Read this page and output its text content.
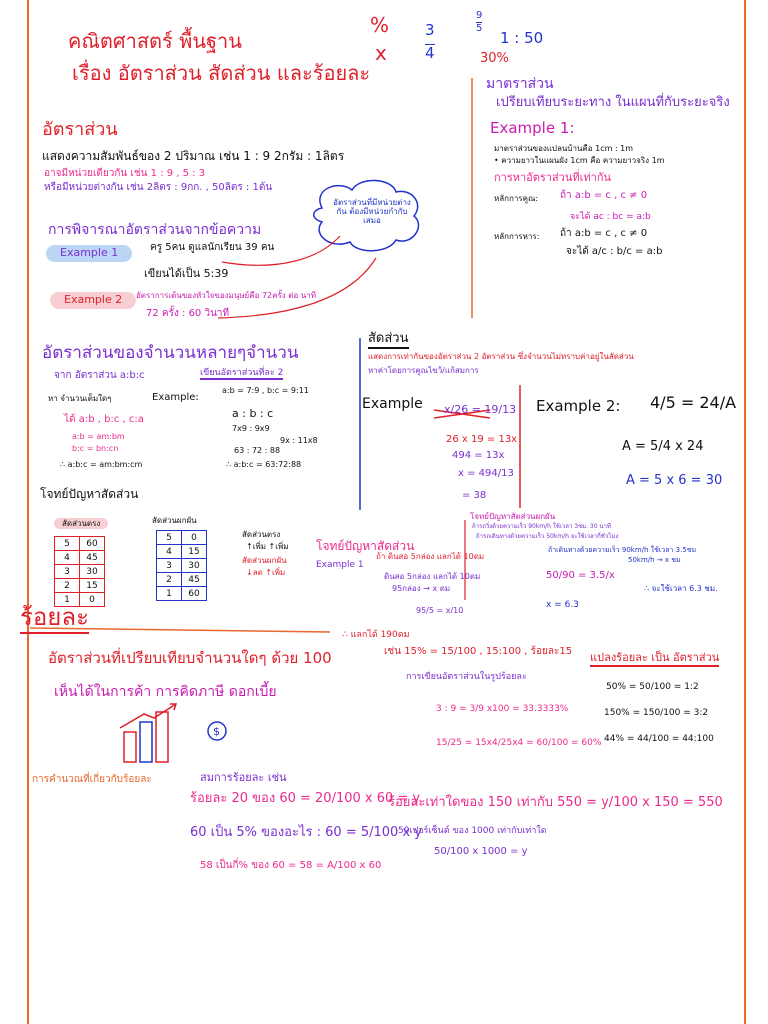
คณิตศาสตร์ พื้นฐาน
เรื่อง อัตราส่วน สัดส่วน และร้อยละ
%
x
3
4
9
5
1 : 50
30%
อัตราส่วน
แสดงความสัมพันธ์ของ 2 ปริมาณ เช่น 1 : 9 2กรัม : 1ลิตร
อาจมีหน่วยเดียวกัน เช่น 1 : 9 , 5 : 3
หรือมีหน่วยต่างกัน เช่น 2ลิตร : 9กก. , 50ลิตร : 1ต้น
อัตราส่วนที่มีหน่วยต่างกัน ต้องมีหน่วยกำกับเสมอ
การพิจารณาอัตราส่วนจากข้อความ
Example 1	ครู 5คน ดูแลนักเรียน 39 คน
เขียนได้เป็น 5:39
Example 2	อัตราการเต้นของหัวใจของมนุษย์คือ 72ครั้ง ต่อ นาที
72 ครั้ง : 60 วินาที
มาตราส่วน
เปรียบเทียบระยะทาง ในแผนที่กับระยะจริง
Example 1:
มาตราส่วนของแปลนบ้านคือ 1cm : 1m
• ความยาวในแผนผัง 1cm คือ ความยาวจริง 1m
การหาอัตราส่วนที่เท่ากัน
หลักการคูณ: ถ้า a:b = c , c ≠ 0
จะได้ ac : bc = a:b
หลักการหาร: ถ้า a:b = c , c ≠ 0
จะได้ a/c : b/c = a:b
อัตราส่วนของจำนวนหลายๆจำนวน
จาก อัตราส่วน a:b:c	เขียนอัตราส่วนที่ละ 2
หา จำนวนเต็มใดๆ	Example:
a:b = 7:9 , b:c = 9:11
ได้ a:b , b:c , c:a
a:b = am:bm
b:c = bn:cn
∴ a:b:c = am:bm:cm
a : b : c
7x9 : 9x9
9x : 11x8
63 : 72 : 88
∴ a:b:c = 63:72:88
โจทย์ปัญหาสัดส่วน
สัดส่วนตรง	สัดส่วนผกผัน
5	60
4	45
3	30
2	15
1	0
5	0
4	15
3	30
2	45
1	60
สัดส่วนตรง
↑เพิ่ม ↑เพิ่ม
สัดส่วนผกผัน
↓ลด ↑เพิ่ม
สัดส่วน
แสดงการเท่ากันของอัตราส่วน 2 อัตราส่วน ซึ่งจำนวนไม่ทราบค่าอยู่ในสัดส่วน
หาค่าโดยการคูณไขว้/แก้สมการ
Example x/26 = 19/13
26 x 19 = 13x
494 = 13x
x = 494/13
= 38
Example 2: 4/5 = 24/A
A = 5/4 x 24
A = 5 x 6 = 30
โจทย์ปัญหาสัดส่วน
Example 1
ถ้า ดินสอ 5กล่อง แลกได้ 10ดม
ดินสอ 5กล่อง แลกได้ 10ดม
95กล่อง → x ดม
95/5 = x/10
∴ แลกได้ 190ดม
โจทย์ปัญหาสัดส่วนผกผัน
ถ้ารถวิ่งด้วยความเร็ว 90km/h ใช้เวลา 3ชม. 30 นาที
ถ้ารถเดินทางด้วยความเร็ว 50km/h จะใช้เวลากี่ชั่วโมง
ถ้าเดินทางด้วยความเร็ว 90km/h ใช้เวลา 3.5ชม
50km/h → x ชม
50/90 = 3.5/x
x = 6.3
∴ จะใช้เวลา 6.3 ชม.
ร้อยละ
อัตราส่วนที่เปรียบเทียบจำนวนใดๆ ด้วย 100
เห็นได้ในการค้า การคิดภาษี ดอกเบี้ย
เช่น 15% = 15/100 , 15:100 , ร้อยละ15
การเขียนอัตราส่วนในรูปร้อยละ
3 : 9 = 3/9 x100 = 33.3333%
15/25 = 15x4/25x4 = 60/100 = 60%
แปลงร้อยละ เป็น อัตราส่วน
50% = 50/100 = 1:2
150% = 150/100 = 3:2
44% = 44/100 = 44:100
$
การคำนวณที่เกี่ยวกับร้อยละ	สมการร้อยละ เช่น
ร้อยละ 20 ของ 60 = 20/100 x 60 = y
60 เป็น 5% ของอะไร : 60 = 5/100 x y
58 เป็นกี่% ของ 60 = 58 = A/100 x 60
ร้อยละเท่าใดของ 150 เท่ากับ 550 = y/100 x 150 = 550
50เปอร์เซ็นต์ ของ 1000 เท่ากับเท่าใด
50/100 x 1000 = y
